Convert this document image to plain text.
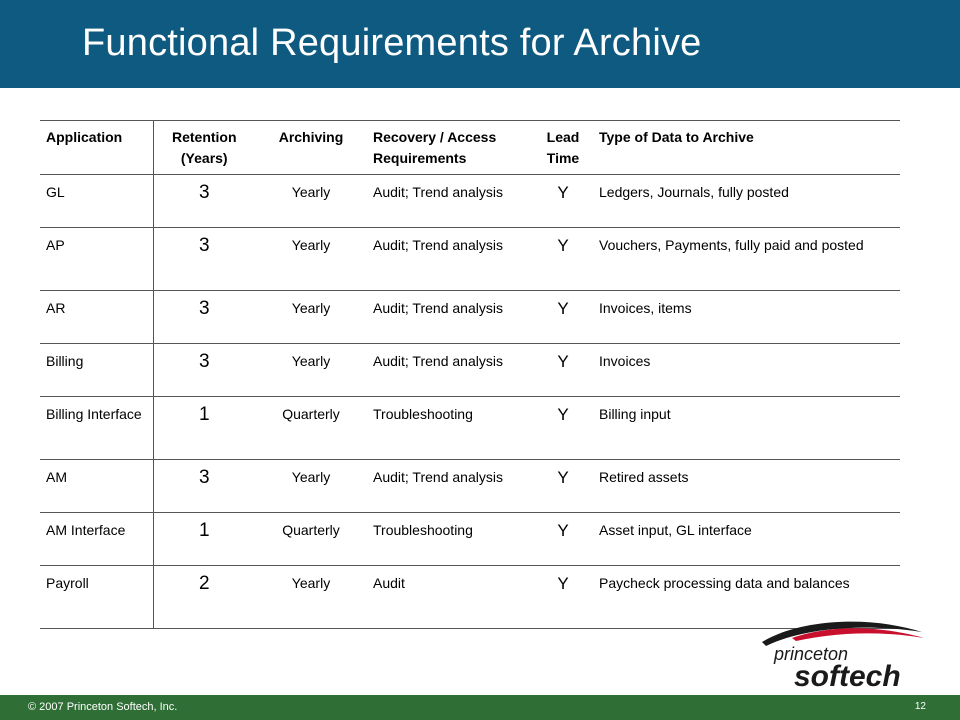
Functional Requirements for Archive
Application	Retention (Years)	Archiving	Recovery / Access Requirements	Lead Time	Type of Data to Archive
GL	3	Yearly	Audit; Trend analysis	Y	Ledgers, Journals, fully posted
AP	3	Yearly	Audit; Trend analysis	Y	Vouchers, Payments, fully paid and posted
AR	3	Yearly	Audit; Trend analysis	Y	Invoices, items
Billing	3	Yearly	Audit; Trend analysis	Y	Invoices
Billing Interface	1	Quarterly	Troubleshooting	Y	Billing input
AM	3	Yearly	Audit; Trend analysis	Y	Retired assets
AM Interface	1	Quarterly	Troubleshooting	Y	Asset input, GL interface
Payroll	2	Yearly	Audit	Y	Paycheck processing data and balances
princeton
softech
© 2007 Princeton Softech, Inc.	12
